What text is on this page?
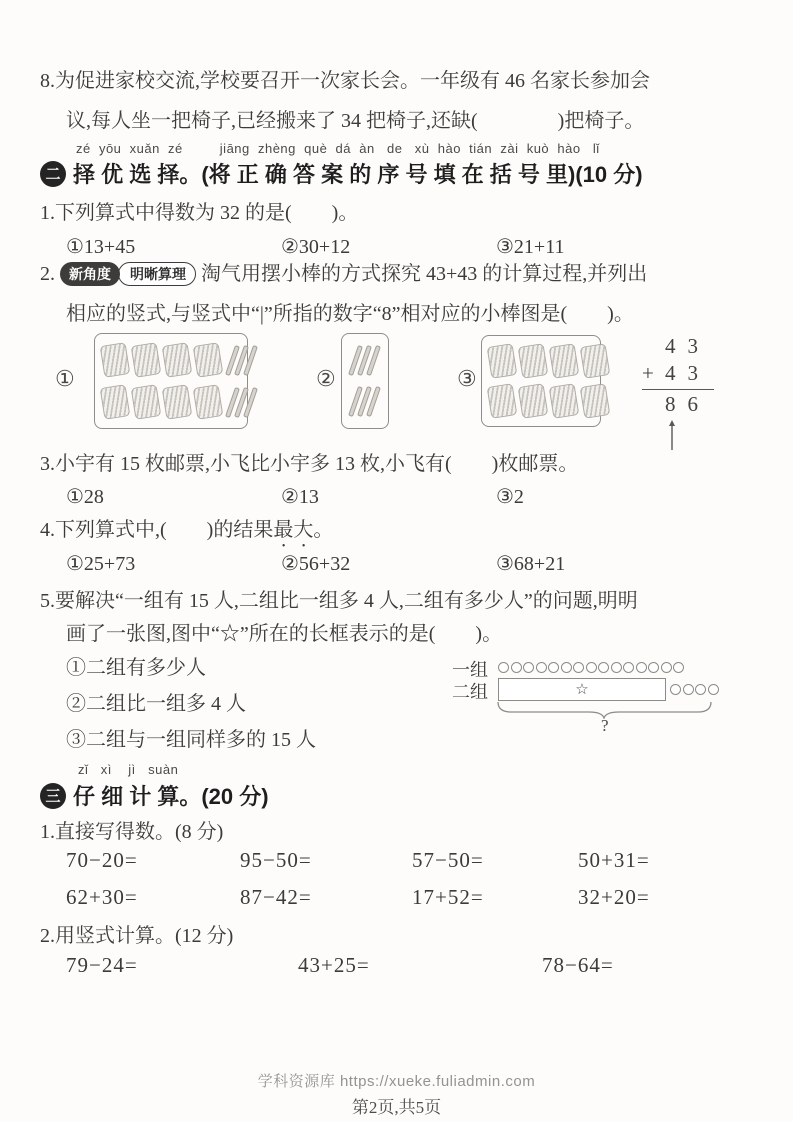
8.为促进家校交流,学校要召开一次家长会。一年级有 46 名家长参加会
议,每人坐一把椅子,已经搬来了 34 把椅子,还缺(　　　　)把椅子。
zé  yōu  xuǎn  zé         jiāng  zhèng  què  dá  àn   de   xù  hào  tián  zài  kuò  hào   lǐ
二 择 优 选 择。(将 正 确 答 案 的 序 号 填 在 括 号 里)(10 分)
1.下列算式中得数为 32 的是(　　)。
①13+45	②30+12	③21+11
2.	新角度	明晰算理 淘气用摆小棒的方式探究 43+43 的计算过程,并列出
相应的竖式,与竖式中“|”所指的数字“8”相对应的小棒图是(　　)。
①	②	③
43
+ 43
86
3.小宇有 15 枚邮票,小飞比小宇多 13 枚,小飞有(　　)枚邮票。
①28	②13	③2
4.下列算式中,(　　)的结果最大。
①25+73	②56+32	③68+21
5.要解决“一组有 15 人,二组比一组多 4 人,二组有多少人”的问题,明明
画了一张图,图中“☆”所在的长框表示的是(　　)。
①二组有多少人
②二组比一组多 4 人
③二组与一组同样多的 15 人
一组
二组	☆
?
zǐ   xì    jì   suàn
三 仔 细 计 算。(20 分)
1.直接写得数。(8 分)
70−20=	95−50=	57−50=	50+31=
62+30=	87−42=	17+52=	32+20=
2.用竖式计算。(12 分)
79−24=	43+25=	78−64=
学科资源库 https://xueke.fuliadmin.com
第2页,共5页
